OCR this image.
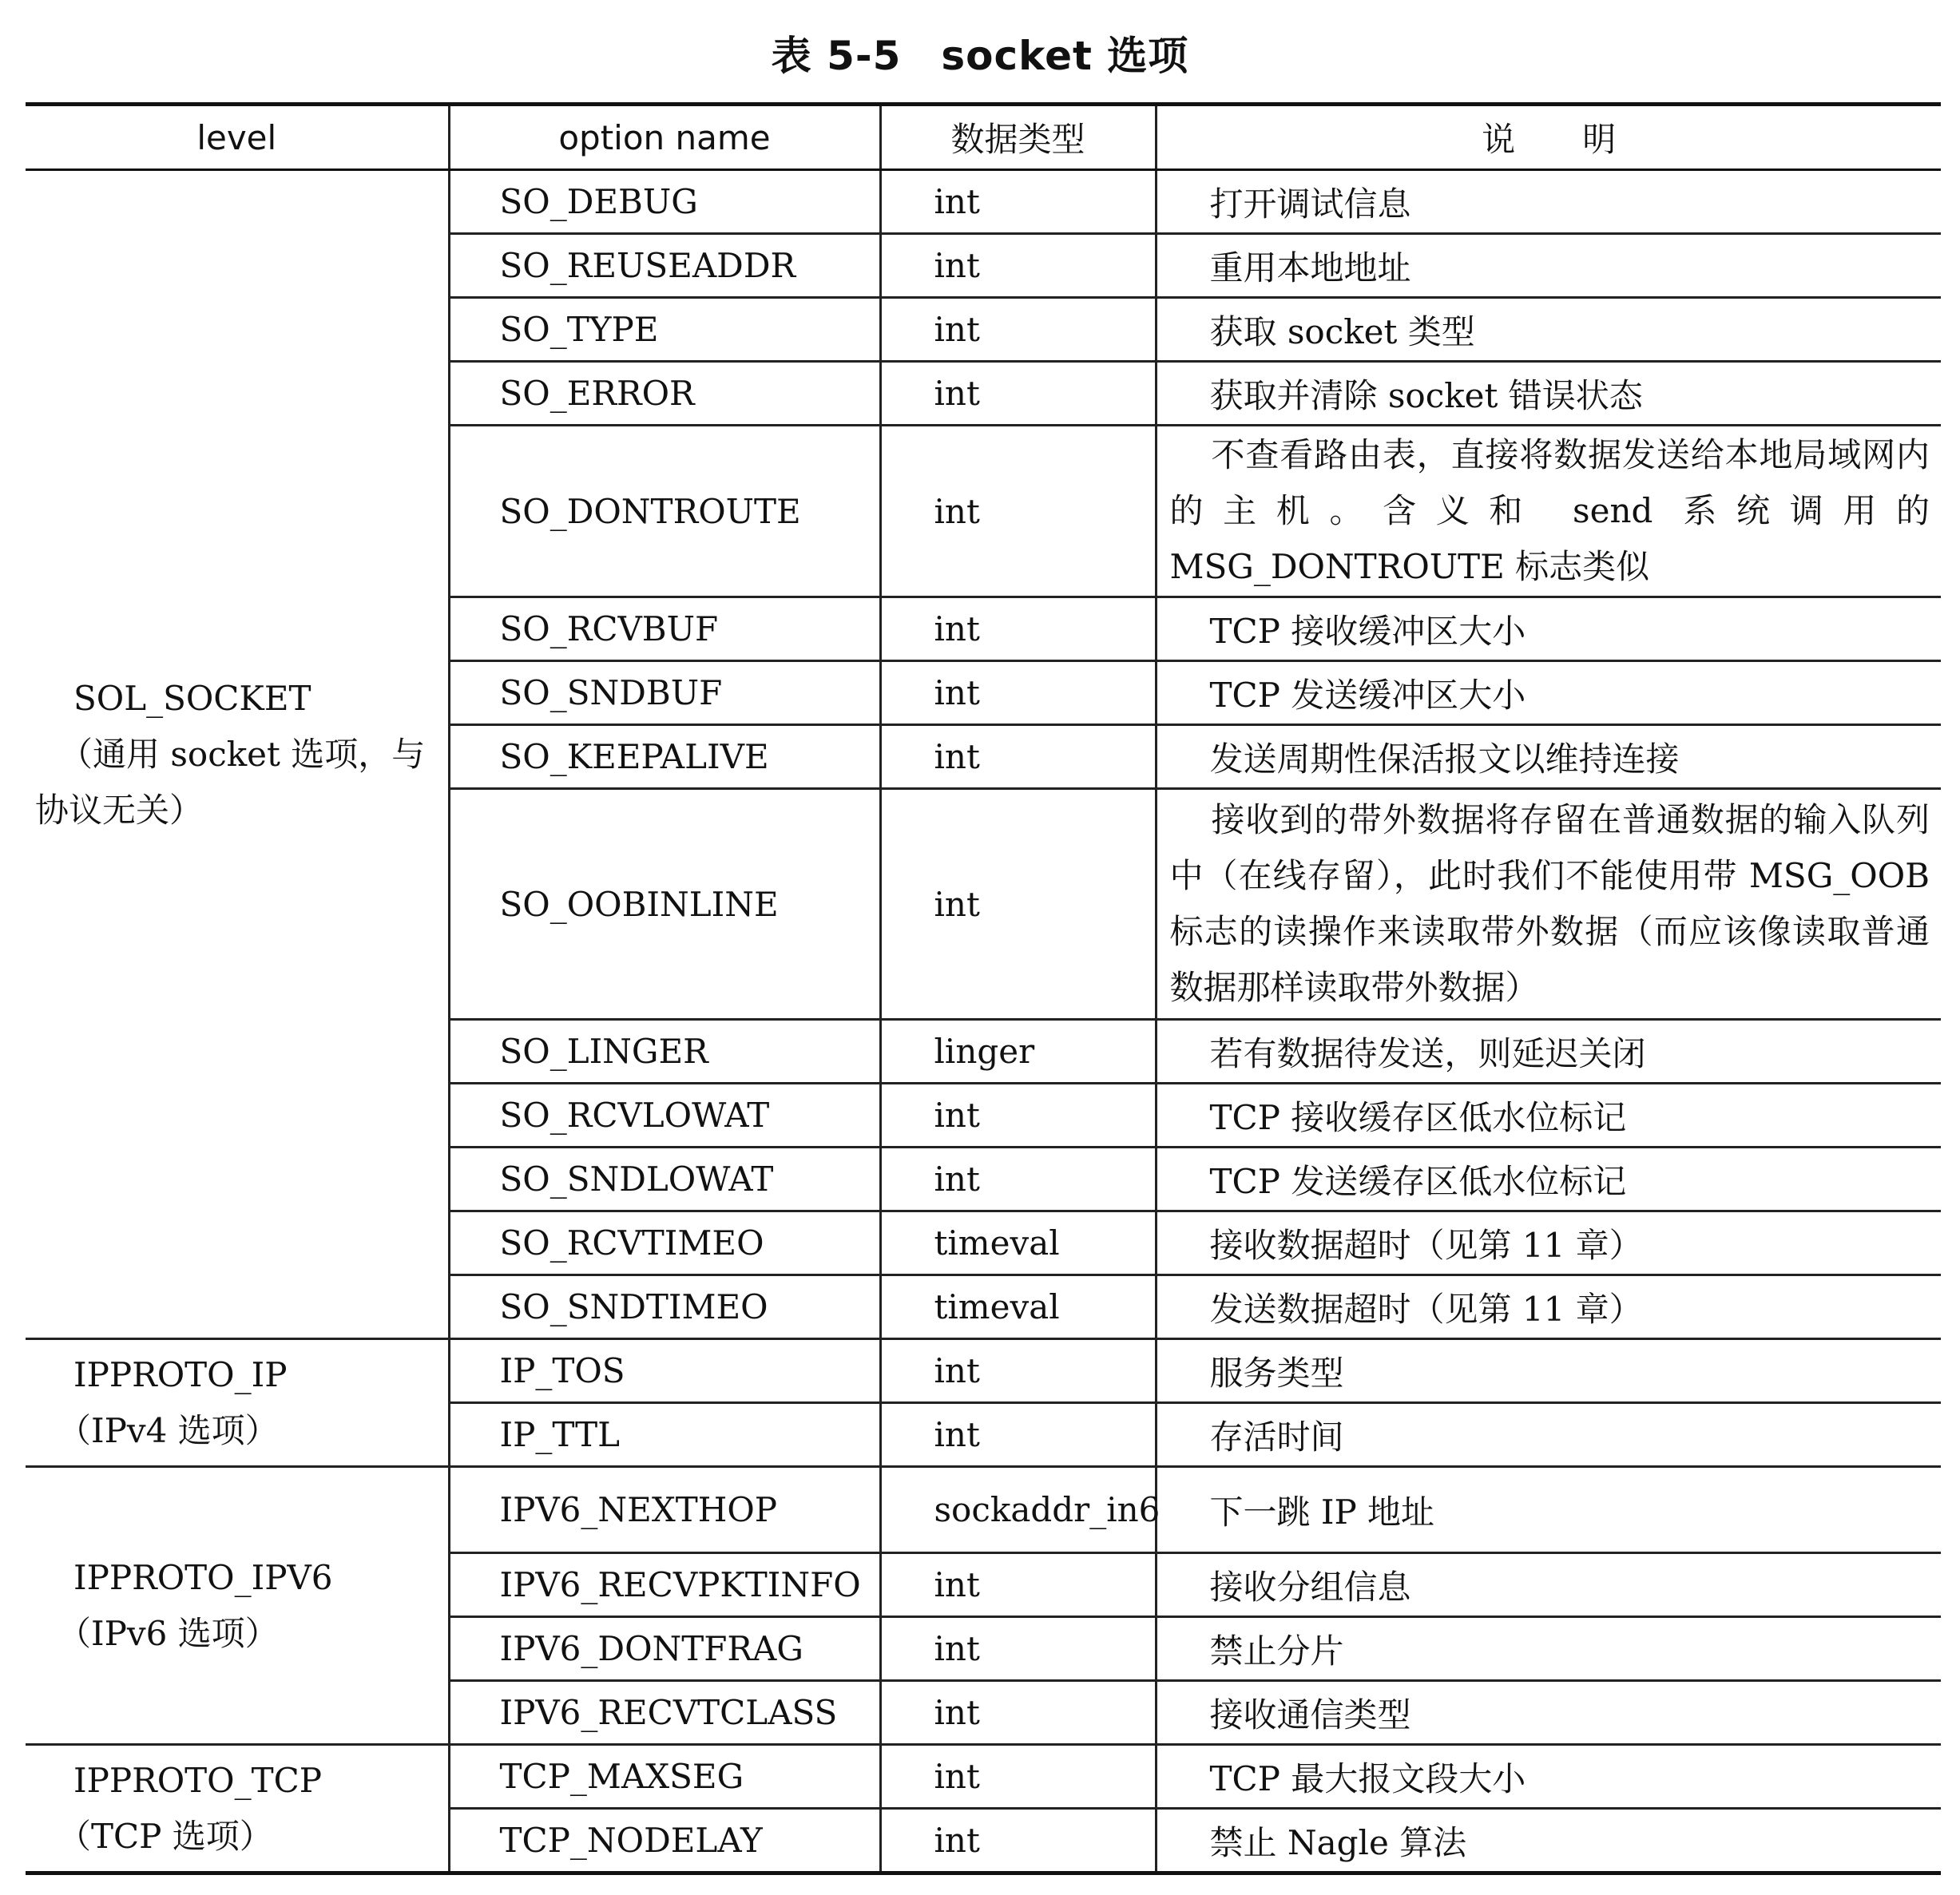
表 5-5 socket 选项
level	option name	数据类型	说　　明
SOL_SOCKET
（通用 socket 选项，与
协议无关）	SO_DEBUG	int	打开调试信息
	SO_REUSEADDR	int	重用本地地址
	SO_TYPE	int	获取 socket 类型
	SO_ERROR	int	获取并清除 socket 错误状态
	SO_DONTROUTE	int	不查看路由表，直接将数据发送给本地局域网内的主机。含义和 send 系统调用的 MSG_DONTROUTE 标志类似
	SO_RCVBUF	int	TCP 接收缓冲区大小
	SO_SNDBUF	int	TCP 发送缓冲区大小
	SO_KEEPALIVE	int	发送周期性保活报文以维持连接
	SO_OOBINLINE	int	接收到的带外数据将存留在普通数据的输入队列中（在线存留），此时我们不能使用带 MSG_OOB 标志的读操作来读取带外数据（而应该像读取普通数据那样读取带外数据）
	SO_LINGER	linger	若有数据待发送，则延迟关闭
	SO_RCVLOWAT	int	TCP 接收缓存区低水位标记
	SO_SNDLOWAT	int	TCP 发送缓存区低水位标记
	SO_RCVTIMEO	timeval	接收数据超时（见第 11 章）
	SO_SNDTIMEO	timeval	发送数据超时（见第 11 章）
IPPROTO_IP
（IPv4 选项）	IP_TOS	int	服务类型
	IP_TTL	int	存活时间
IPPROTO_IPV6
（IPv6 选项）	IPV6_NEXTHOP	sockaddr_in6	下一跳 IP 地址
	IPV6_RECVPKTINFO	int	接收分组信息
	IPV6_DONTFRAG	int	禁止分片
	IPV6_RECVTCLASS	int	接收通信类型
IPPROTO_TCP
（TCP 选项）	TCP_MAXSEG	int	TCP 最大报文段大小
	TCP_NODELAY	int	禁止 Nagle 算法
